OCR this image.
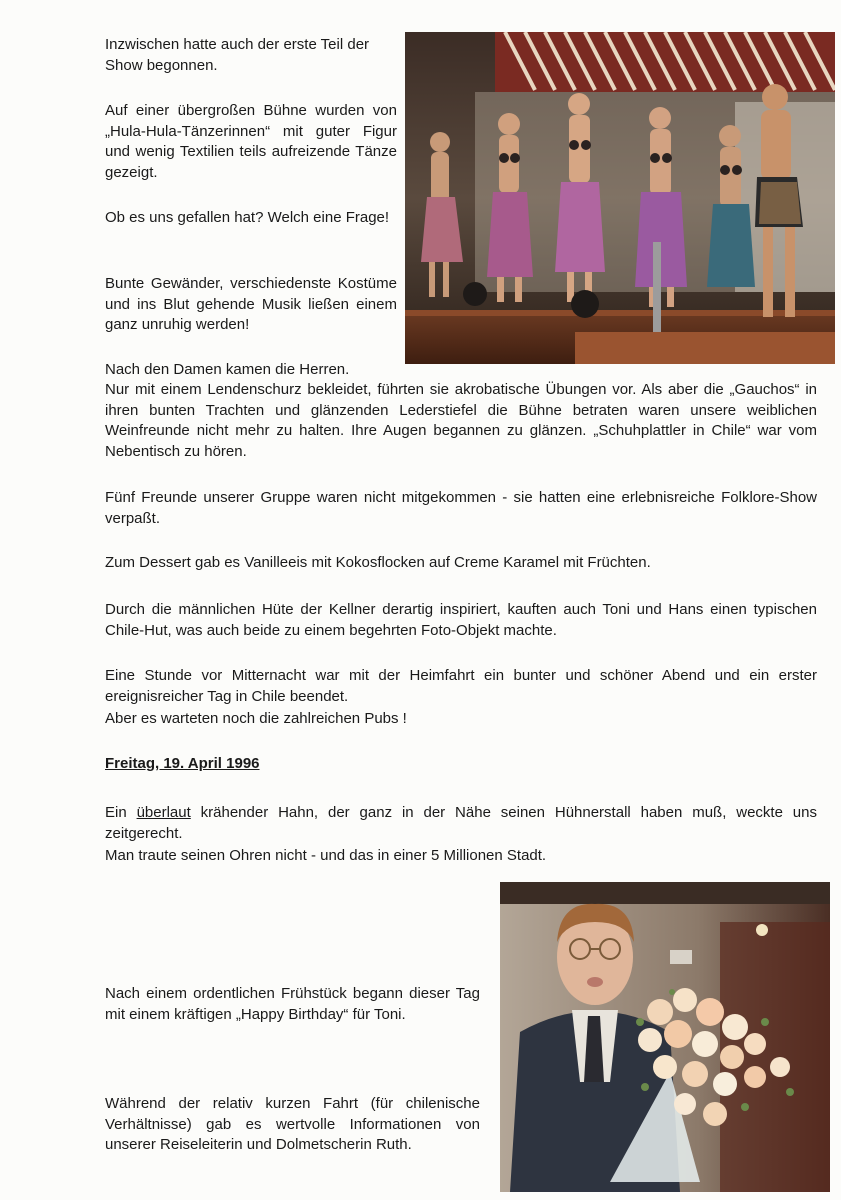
Inzwischen hatte auch der erste Teil der Show begonnen.

Auf einer übergroßen Bühne wurden von „Hula-Hula-Tänzerinnen“ mit guter Figur und wenig Textilien teils aufreizende Tänze gezeigt.

Ob es uns gefallen hat? Welch eine Frage!

Bunte Gewänder, verschiedenste Kostüme und ins Blut gehende Musik ließen einem ganz unruhig werden!

Nach den Damen kamen die Herren.

Nur mit einem Lendenschurz bekleidet, führten sie akrobatische Übungen vor. Als aber die „Gauchos“ in ihren bunten Trachten und glänzenden Lederstiefel die Bühne betraten waren unsere weiblichen Weinfreunde nicht mehr zu halten. Ihre Augen begannen zu glänzen. „Schuhplattler in Chile“ war vom Nebentisch zu hören.

Fünf Freunde unserer Gruppe waren nicht mitgekommen - sie hatten eine erlebnisreiche Folklore-Show verpaßt.

Zum Dessert gab es Vanilleeis mit Kokosflocken auf Creme Karamel mit Früchten.

Durch die männlichen Hüte der Kellner derartig inspiriert, kauften auch Toni und Hans einen typischen Chile-Hut, was auch beide zu einem begehrten Foto-Objekt machte.

Eine Stunde vor Mitternacht war mit der Heimfahrt ein bunter und schöner Abend und ein erster ereignisreicher Tag in Chile beendet.

Aber es warteten noch die zahlreichen Pubs !

Freitag, 19. April 1996

Ein überlaut krähender Hahn, der ganz in der Nähe seinen Hühnerstall haben muß, weckte uns zeitgerecht.

Man traute seinen Ohren nicht - und das in einer 5 Millionen Stadt.

Nach einem ordentlichen Frühstück begann dieser Tag mit einem kräftigen „Happy Birthday“ für Toni.

Während der relativ kurzen Fahrt (für chilenische Verhältnisse) gab es wertvolle Informationen von unserer Reiseleiterin und Dolmetscherin Ruth.
